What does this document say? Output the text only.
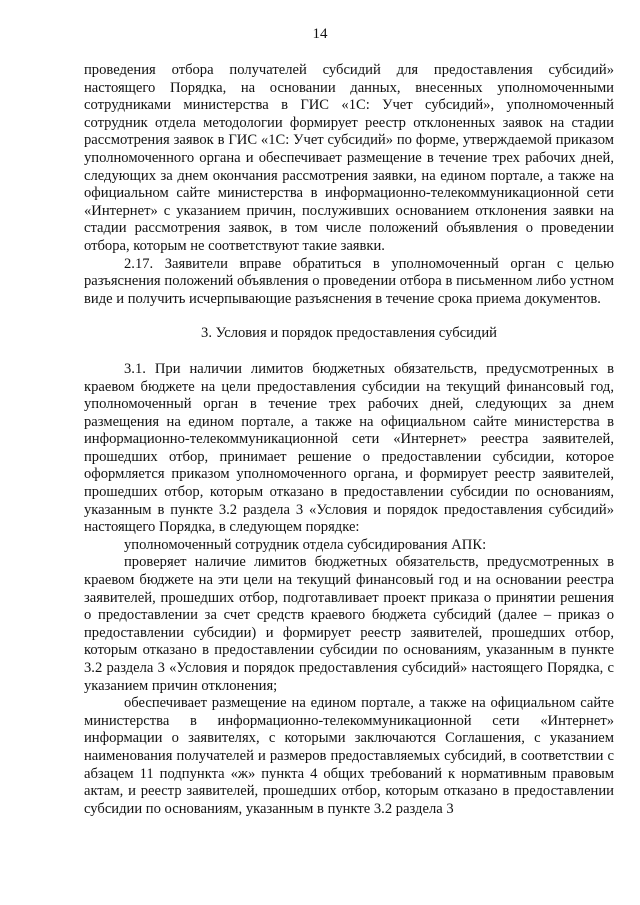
14

проведения отбора получателей субсидий для предоставления субсидий» настоящего Порядка, на основании данных, внесенных уполномоченными сотрудниками министерства в ГИС «1С: Учет субсидий», уполномоченный сотрудник отдела методологии формирует реестр отклоненных заявок на стадии рассмотрения заявок в ГИС «1С: Учет субсидий» по форме, утверждаемой приказом уполномоченного органа и обеспечивает размещение в течение трех рабочих дней, следующих за днем окончания рассмотрения заявки, на едином портале, а также на официальном сайте министерства в информационно-телекоммуникационной сети «Интернет» с указанием причин, послуживших основанием отклонения заявки на стадии рассмотрения заявок, в том числе положений объявления о проведении отбора, которым не соответствуют такие заявки.

2.17. Заявители вправе обратиться в уполномоченный орган с целью разъяснения положений объявления о проведении отбора в письменном либо устном виде и получить исчерпывающие разъяснения в течение срока приема документов.

3. Условия и порядок предоставления субсидий

3.1. При наличии лимитов бюджетных обязательств, предусмотренных в краевом бюджете на цели предоставления субсидии на текущий финансовый год, уполномоченный орган в течение трех рабочих дней, следующих за днем размещения на едином портале, а также на официальном сайте министерства в информационно-телекоммуникационной сети «Интернет» реестра заявителей, прошедших отбор, принимает решение о предоставлении субсидии, которое оформляется приказом уполномоченного органа, и формирует реестр заявителей, прошедших отбор, которым отказано в предоставлении субсидии по основаниям, указанным в пункте 3.2 раздела 3 «Условия и порядок предоставления субсидий» настоящего Порядка, в следующем порядке:

уполномоченный сотрудник отдела субсидирования АПК:

проверяет наличие лимитов бюджетных обязательств, предусмотренных в краевом бюджете на эти цели на текущий финансовый год и на основании реестра заявителей, прошедших отбор, подготавливает проект приказа о принятии решения о предоставлении за счет средств краевого бюджета субсидий (далее – приказ о предоставлении субсидии) и формирует реестр заявителей, прошедших отбор, которым отказано в предоставлении субсидии по основаниям, указанным в пункте 3.2 раздела 3 «Условия и порядок предоставления субсидий» настоящего Порядка, с указанием причин отклонения;

обеспечивает размещение на едином портале, а также на официальном сайте министерства в информационно-телекоммуникационной сети «Интернет» информации о заявителях, с которыми заключаются Соглашения, с указанием наименования получателей и размеров предоставляемых субсидий, в соответствии с абзацем 11 подпункта «ж» пункта 4 общих требований к нормативным правовым актам, и реестр заявителей, прошедших отбор, которым отказано в предоставлении субсидии по основаниям, указанным в пункте 3.2 раздела 3
